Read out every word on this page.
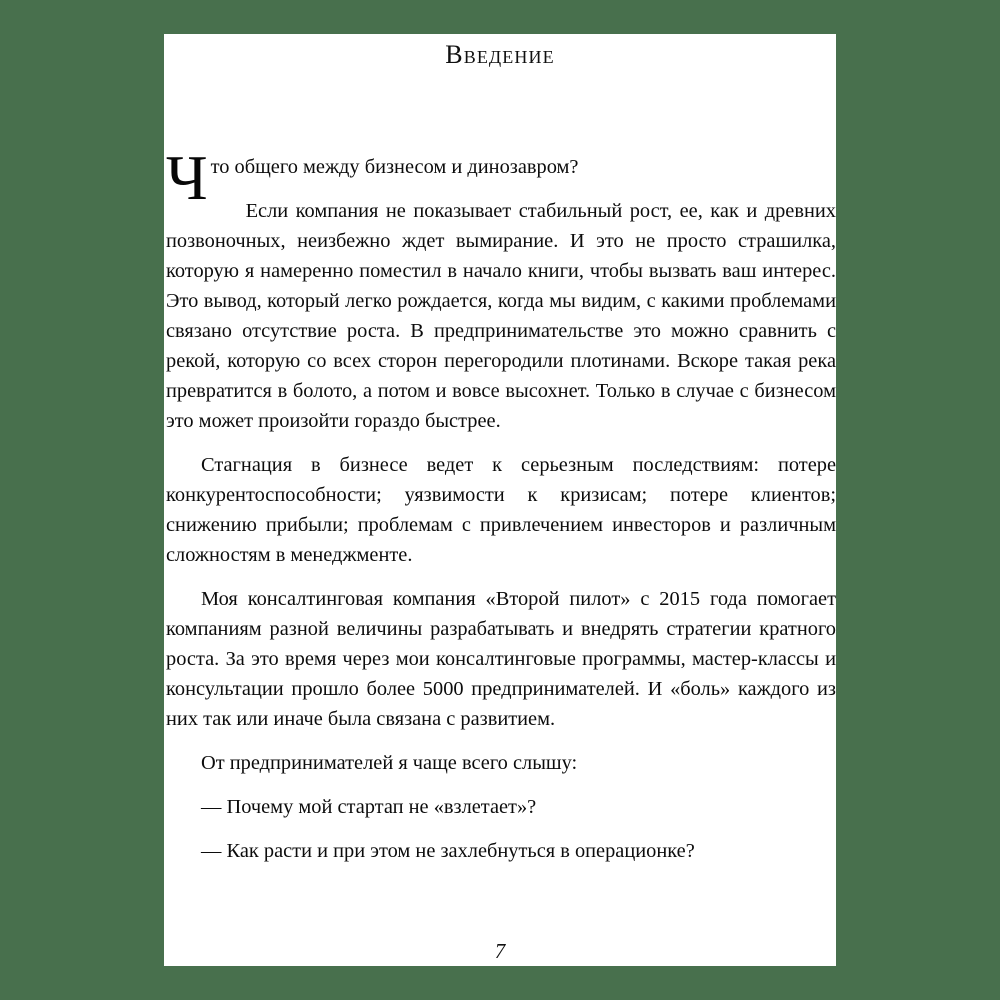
Введение

Что общего между бизнесом и динозавром?

Если компания не показывает стабильный рост, ее, как и древних позвоночных, неизбежно ждет вымирание. И это не просто страшилка, которую я намеренно поместил в начало книги, чтобы вызвать ваш интерес. Это вывод, который легко рождается, когда мы видим, с какими проблемами связано отсутствие роста. В предпринимательстве это можно сравнить с рекой, которую со всех сторон перегородили плотинами. Вскоре такая река превратится в болото, а потом и вовсе высохнет. Только в случае с бизнесом это может произойти гораздо быстрее.

Стагнация в бизнесе ведет к серьезным последствиям: потере конкурентоспособности; уязвимости к кризисам; потере клиентов; снижению прибыли; проблемам с привлечением инвесторов и различным сложностям в менеджменте.

Моя консалтинговая компания «Второй пилот» с 2015 года помогает компаниям разной величины разрабатывать и внедрять стратегии кратного роста. За это время через мои консалтинговые программы, мастер-классы и консультации прошло более 5000 предпринимателей. И «боль» каждого из них так или иначе была связана с развитием.

От предпринимателей я чаще всего слышу:

— Почему мой стартап не «взлетает»?

— Как расти и при этом не захлебнуться в операционке?

7
